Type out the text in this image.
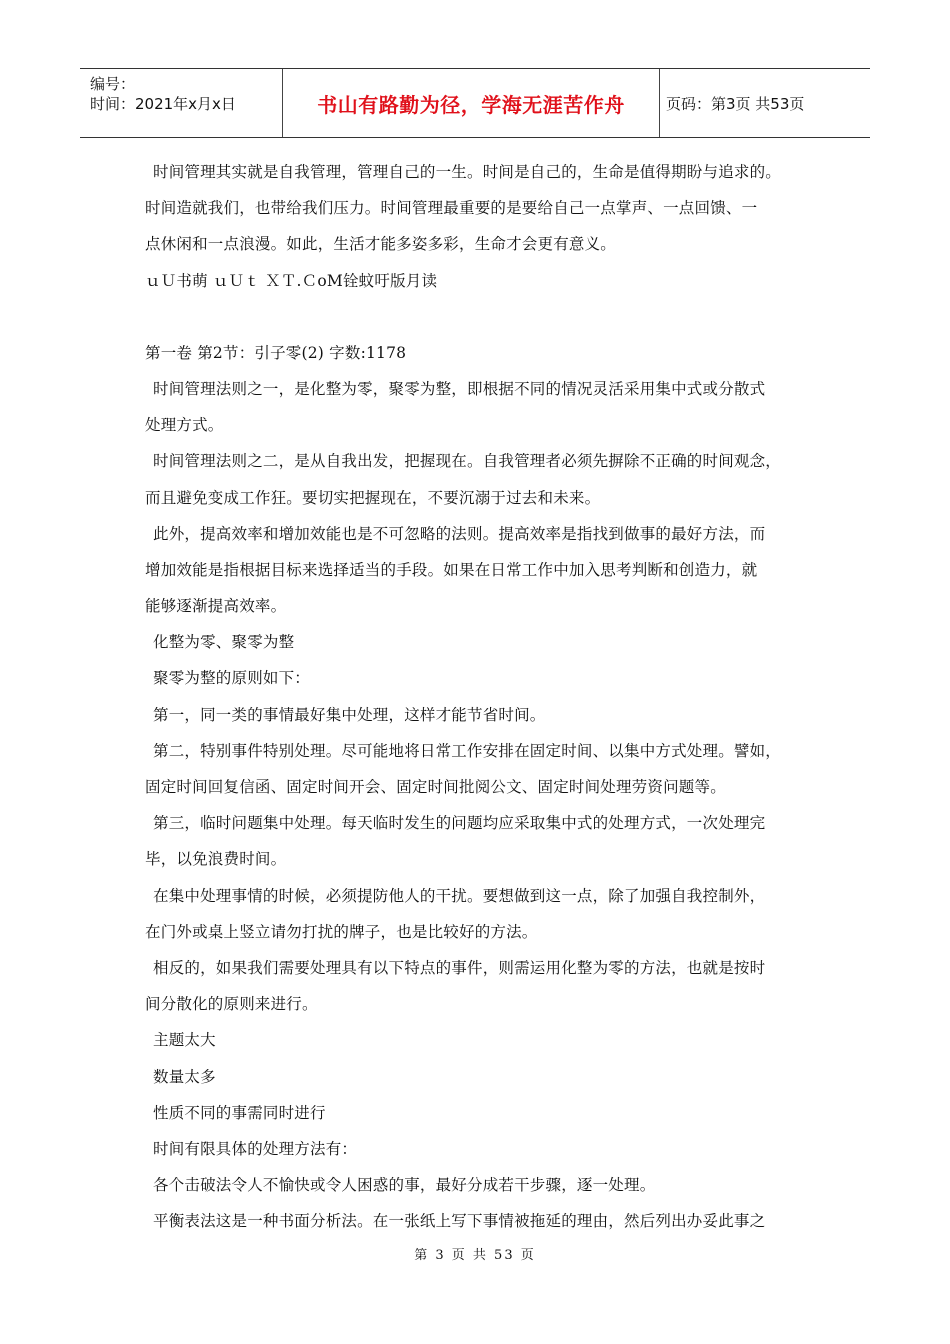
编号：
时间：2021年x月x日	书山有路勤为径，学海无涯苦作舟	页码：第3页 共53页
时间管理其实就是自我管理，管理自己的一生。时间是自己的，生命是值得期盼与追求的。
时间造就我们，也带给我们压力。时间管理最重要的是要给自己一点掌声、一点回馈、一
点休闲和一点浪漫。如此，生活才能多姿多彩，生命才会更有意义。
ｕＵ书萌 ｕＵｔ ＸＴ.ＣoM铨蚊吁版月读
第一卷 第2节：引子零(2) 字数:1178
时间管理法则之一，是化整为零，聚零为整，即根据不同的情况灵活采用集中式或分散式
处理方式。
时间管理法则之二，是从自我出发，把握现在。自我管理者必须先摒除不正确的时间观念，
而且避免变成工作狂。要切实把握现在，不要沉溺于过去和未来。
此外，提高效率和增加效能也是不可忽略的法则。提高效率是指找到做事的最好方法，而
增加效能是指根据目标来选择适当的手段。如果在日常工作中加入思考判断和创造力，就
能够逐渐提高效率。
化整为零、聚零为整
聚零为整的原则如下：
第一，同一类的事情最好集中处理，这样才能节省时间。
第二，特别事件特别处理。尽可能地将日常工作安排在固定时间、以集中方式处理。譬如，
固定时间回复信函、固定时间开会、固定时间批阅公文、固定时间处理劳资问题等。
第三，临时问题集中处理。每天临时发生的问题均应采取集中式的处理方式，一次处理完
毕，以免浪费时间。
在集中处理事情的时候，必须提防他人的干扰。要想做到这一点，除了加强自我控制外，
在门外或桌上竖立请勿打扰的牌子，也是比较好的方法。
相反的，如果我们需要处理具有以下特点的事件，则需运用化整为零的方法，也就是按时
间分散化的原则来进行。
主题太大
数量太多
性质不同的事需同时进行
时间有限具体的处理方法有：
各个击破法令人不愉快或令人困惑的事，最好分成若干步骤，逐一处理。
平衡表法这是一种书面分析法。在一张纸上写下事情被拖延的理由，然后列出办妥此事之
第 3 页 共 53 页
